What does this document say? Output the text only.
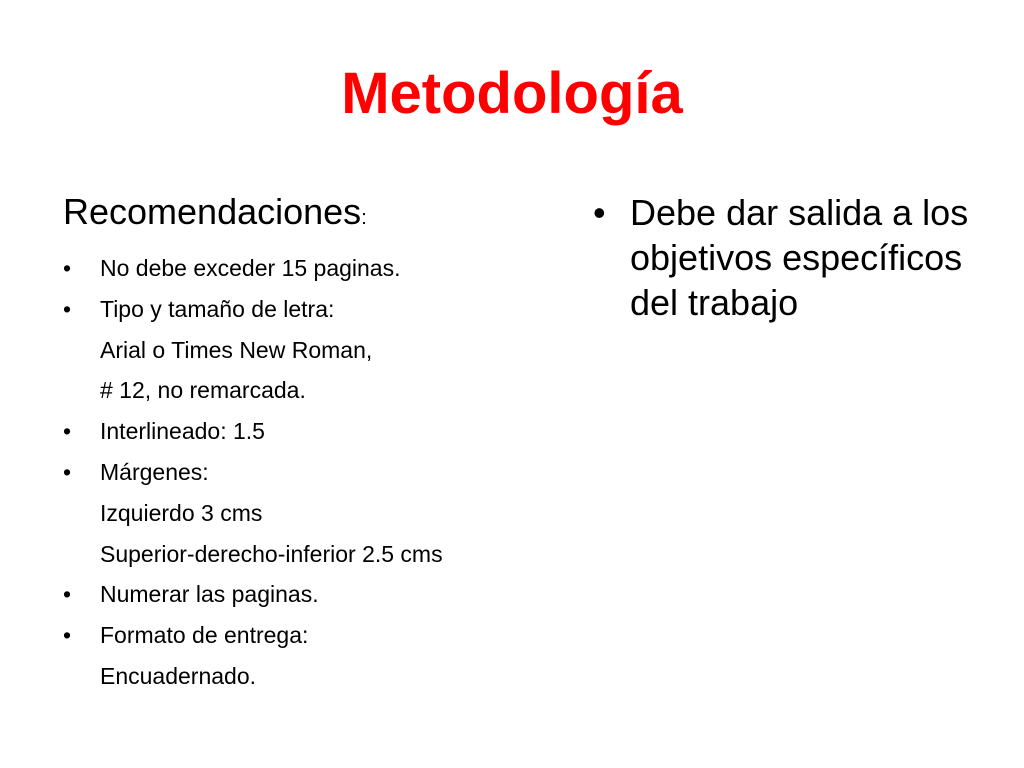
Metodología
Recomendaciones:
• No debe exceder 15 paginas.
• Tipo y tamaño de letra:
Arial o Times New Roman,
# 12, no remarcada.
• Interlineado: 1.5
• Márgenes:
Izquierdo 3 cms
Superior-derecho-inferior 2.5 cms
• Numerar las paginas.
• Formato de entrega:
Encuadernado.
• Debe dar salida a los objetivos específicos del trabajo
